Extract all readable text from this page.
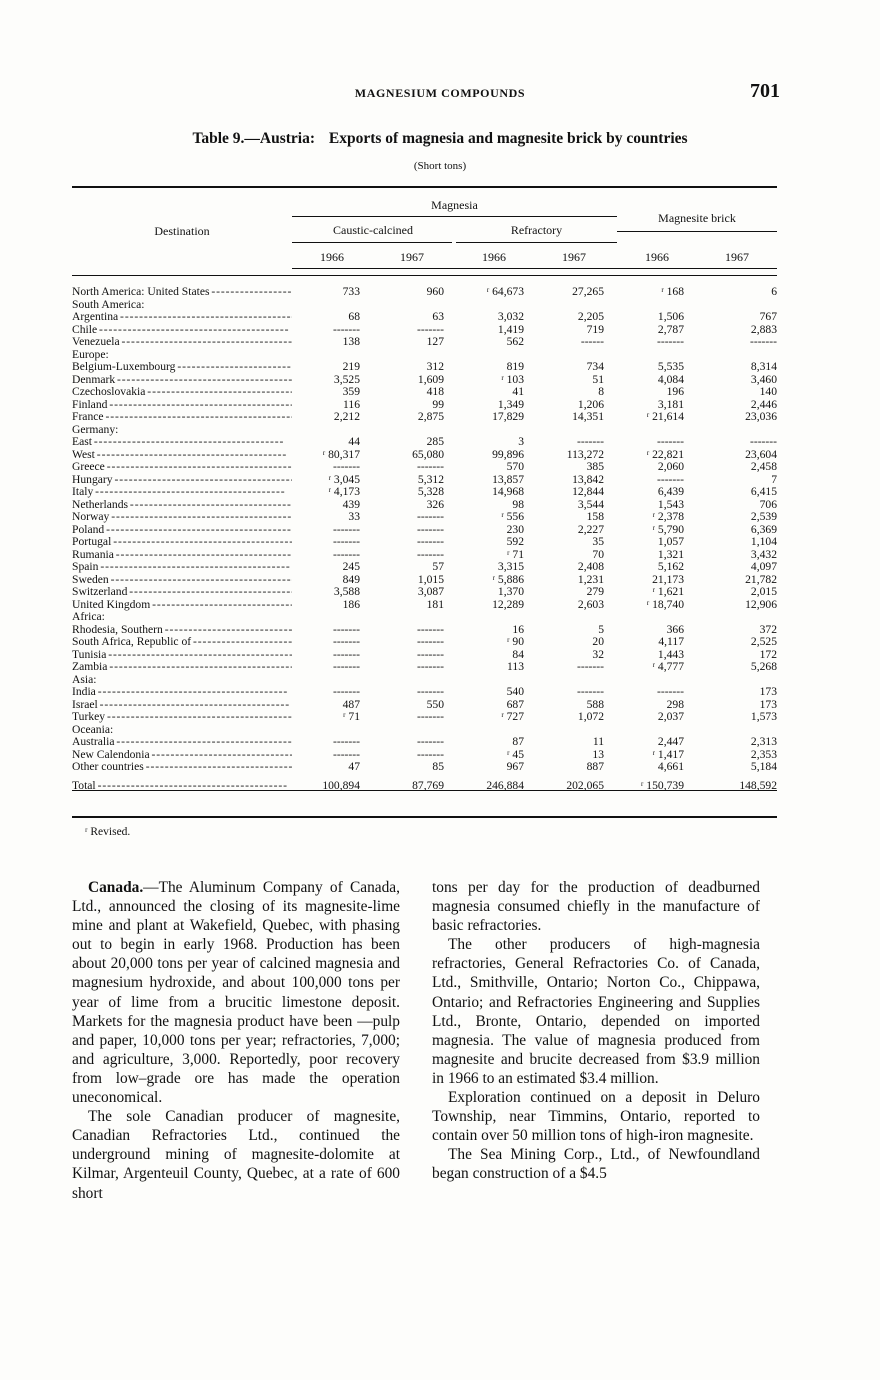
MAGNESIUM COMPOUNDS	701
Table 9.—Austria: Exports of magnesia and magnesite brick by countries
(Short tons)
Destination
Magnesia
Magnesite brick
Caustic-calcined	Refractory
1966	1967	1966	1967	1966	1967
North America: United States - - -	733	960	ʳ 64,673	27,265	ʳ 168	6
South America:						
Argentina - - -	68	63	3,032	2,205	1,506	767
Chile - - -	-------	-------	1,419	719	2,787	2,883
Venezuela - - -	138	127	562	------	-------	-------
Europe:						
Belgium-Luxembourg - - -	219	312	819	734	5,535	8,314
Denmark - - -	3,525	1,609	ʳ 103	51	4,084	3,460
Czechoslovakia - - -	359	418	41	8	196	140
Finland - - -	116	99	1,349	1,206	3,181	2,446
France - - -	2,212	2,875	17,829	14,351	ʳ 21,614	23,036
Germany:						
East - - -	44	285	3	-------	-------	-------
West - - -	ʳ 80,317	65,080	99,896	113,272	ʳ 22,821	23,604
Greece - - -	-------	-------	570	385	2,060	2,458
Hungary - - -	ʳ 3,045	5,312	13,857	13,842	-------	7
Italy - - -	ʳ 4,173	5,328	14,968	12,844	6,439	6,415
Netherlands - - -	439	326	98	3,544	1,543	706
Norway - - -	33	-------	ʳ 556	158	ʳ 2,378	2,539
Poland - - -	-------	-------	230	2,227	ʳ 5,790	6,369
Portugal - - -	-------	-------	592	35	1,057	1,104
Rumania - - -	-------	-------	ʳ 71	70	1,321	3,432
Spain - - -	245	57	3,315	2,408	5,162	4,097
Sweden - - -	849	1,015	ʳ 5,886	1,231	21,173	21,782
Switzerland - - -	3,588	3,087	1,370	279	ʳ 1,621	2,015
United Kingdom - - -	186	181	12,289	2,603	ʳ 18,740	12,906
Africa:						
Rhodesia, Southern - - -	-------	-------	16	5	366	372
South Africa, Republic of - - -	-------	-------	ʳ 90	20	4,117	2,525
Tunisia - - -	-------	-------	84	32	1,443	172
Zambia - - -	-------	-------	113	-------	ʳ 4,777	5,268
Asia:						
India - - -	-------	-------	540	-------	-------	173
Israel - - -	487	550	687	588	298	173
Turkey - - -	ʳ 71	-------	ʳ 727	1,072	2,037	1,573
Oceania:						
Australia - - -	-------	-------	87	11	2,447	2,313
New Calendonia - - -	-------	-------	ʳ 45	13	ʳ 1,417	2,353
Other countries - - -	47	85	967	887	4,661	5,184
Total - - -	100,894	87,769	246,884	202,065	ʳ 150,739	148,592
ʳ Revised.

Canada.—The Aluminum Company of Canada, Ltd., announced the closing of its magnesite-lime mine and plant at Wakefield, Quebec, with phasing out to begin in early 1968. Production has been about 20,000 tons per year of calcined magnesia and magnesium hydroxide, and about 100,000 tons per year of lime from a brucitic limestone deposit. Markets for the magnesia product have been —pulp and paper, 10,000 tons per year; refractories, 7,000; and agriculture, 3,000. Reportedly, poor recovery from low–grade ore has made the operation uneconomical.

The sole Canadian producer of magnesite, Canadian Refractories Ltd., continued the underground mining of magnesite-dolomite at Kilmar, Argenteuil County, Quebec, at a rate of 600 short

tons per day for the production of deadburned magnesia consumed chiefly in the manufacture of basic refractories.

The other producers of high-magnesia refractories, General Refractories Co. of Canada, Ltd., Smithville, Ontario; Norton Co., Chippawa, Ontario; and Refractories Engineering and Supplies Ltd., Bronte, Ontario, depended on imported magnesia. The value of magnesia produced from magnesite and brucite decreased from $3.9 million in 1966 to an estimated $3.4 million.

Exploration continued on a deposit in Deluro Township, near Timmins, Ontario, reported to contain over 50 million tons of high-iron magnesite.

The Sea Mining Corp., Ltd., of Newfoundland began construction of a $4.5
